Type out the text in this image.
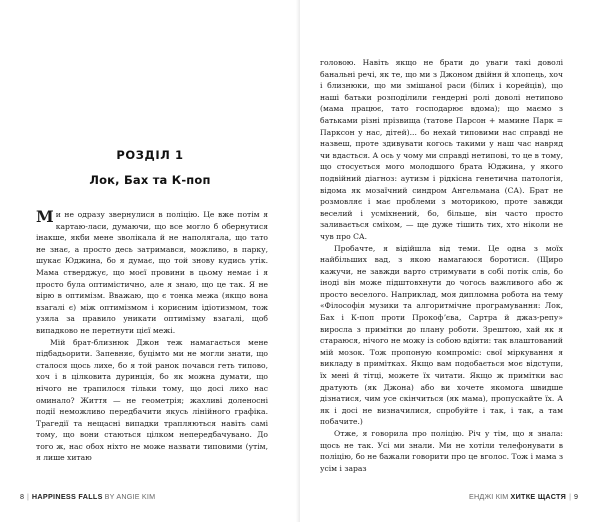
РОЗДІЛ 1
Лок, Бах та К-поп

Ми не одразу звернулися в поліцію. Це вже потім я картаю-ласи, думаючи, що все могло б обернутися інакше, якби мене зволікала й не наполягала, що тато не знає, а просто десь затримався, можливо, в парку, шукає Юджина, бо я думає, що той знову кудись утік. Мама стверджує, що моєї провини в цьому немає і я просто була оптимістично, але я знаю, що це так. Я не вірю в оптимізм. Вважаю, що є тонка межа (якщо вона взагалі є) між оптимізмом і корисним ідіотизмом, тож узяла за правило уникати оптимізму взагалі, щоб випадково не перетнути цієї межі.

Мій брат-близнюк Джон теж намагається мене підбадьорити. Запевняє, буцімто ми не могли знати, що сталося щось лихе, бо я той ранок почався геть типово, хоч і в цілковита дуринція, бо як можна думати, що нічого не трапилося тільки тому, що досі лихо нас оминало? Життя — не геометрія; жахливі доленосні події неможливо передбачити якусь лінійного графіка. Трагедії та нещасні випадки трапляються навіть самі тому, що вони стаються цілком непередбачувано. До того ж, нас обох ніхто не може назвати типовими (утім, я лише хитаю

8 | HAPPINESS FALLS BY ANGIE KIM	ЕНДЖІ КІМ ХИТКЕ ЩАСТЯ | 9

головою. Навіть якщо не брати до уваги такі доволі банальні речі, як те, що ми з Джоном двійня й хлопець, хоч і близнюки, що ми змішаної раси (білих і корейців), що наші батьки розподілили гендерні ролі доволі нетипово (мама працює, тато господарює вдома); що маємо з батьками різні прізвища (татове Парсон + маминe Парк = Парксон у нас, дітей)... бо нехай типовими нас справді не назвеш, проте здивувати когось такими у наш час навряд чи вдасться. А ось у чому ми справді нетипові, то це в тому, що стосується мого молодшого брата Юджина, у якого подвійний діагноз: аутизм і рідкісна генетична патологія, відома як мозаїчний синдром Ангельмана (СА). Брат не розмовляє і має проблеми з моторикою, проте завжди веселий і усміхнений, бо, більше, він часто просто заливається сміхом, — ще дуже тішить тих, хто ніколи не чув про СА.

Пробачте, я відійшла від теми. Це одна з моїх найбільших вад, з якою намагаюся боротися. (Щиро кажучи, не завжди варто стримувати в собі потік слів, бо іноді він може підштовхнути до чогось важливого або ж просто веселого. Наприклад, моя дипломна робота на тему «Філософія музики та алгоритмічне програмування: Лок, Бах і К-поп проти Прокофʼєва, Сартра й джаз-репу» виросла з примітки до плану роботи. Зрештою, хай як я стараюся, нічого не можу із собою вдіяти: так влаштований мій мозок. Тож пропоную компроміс: свої міркування я викладу в примітках. Якщо вам подобається моє відступи, їх мені й тітці, можете їх читати. Якщо ж примітки вас дратують (як Джона) або ви хочете якомога швидше дізнатися, чим усе скінчиться (як мама), пропускайте їх. А як і досі не визначилися, спробуйте і так, і так, а там побачите.)

Отже, я говорила про поліцію. Річ у тім, що я знала: щось не так. Усі ми знали. Ми не хотіли телефонувати в поліцію, бо не бажали говорити про це вголос. Тож і мама з усім і зараз
